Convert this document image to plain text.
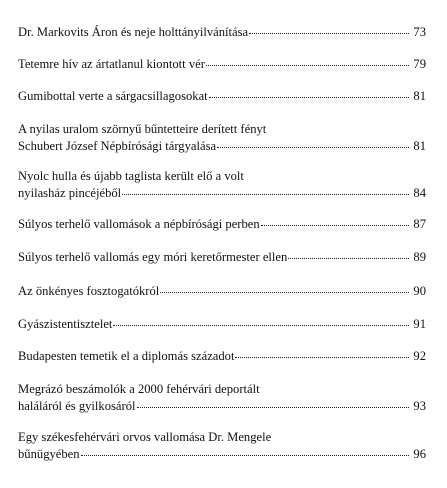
Dr. Markovits Áron és neje holttányilvánítása	73
Tetemre hív az ártatlanul kiontott vér	79
Gumibottal verte a sárgacsillagosokat	81
A nyilas uralom szörnyű bűntetteire derített fényt
Schubert József Népbírósági tárgyalása	81
Nyolc hulla és újabb taglista került elő a volt
nyilasház pincéjéből	84
Súlyos terhelő vallomások a népbírósági perben	87
Súlyos terhelő vallomás egy móri keretőrmester ellen	89
Az önkényes fosztogatókról	90
Gyászistentisztelet	91
Budapesten temetik el a diplomás századot	92
Megrázó beszámolók a 2000 fehérvári deportált
haláláról és gyilkosáról	93
Egy székesfehérvári orvos vallomása Dr. Mengele
bűnügyében	96
